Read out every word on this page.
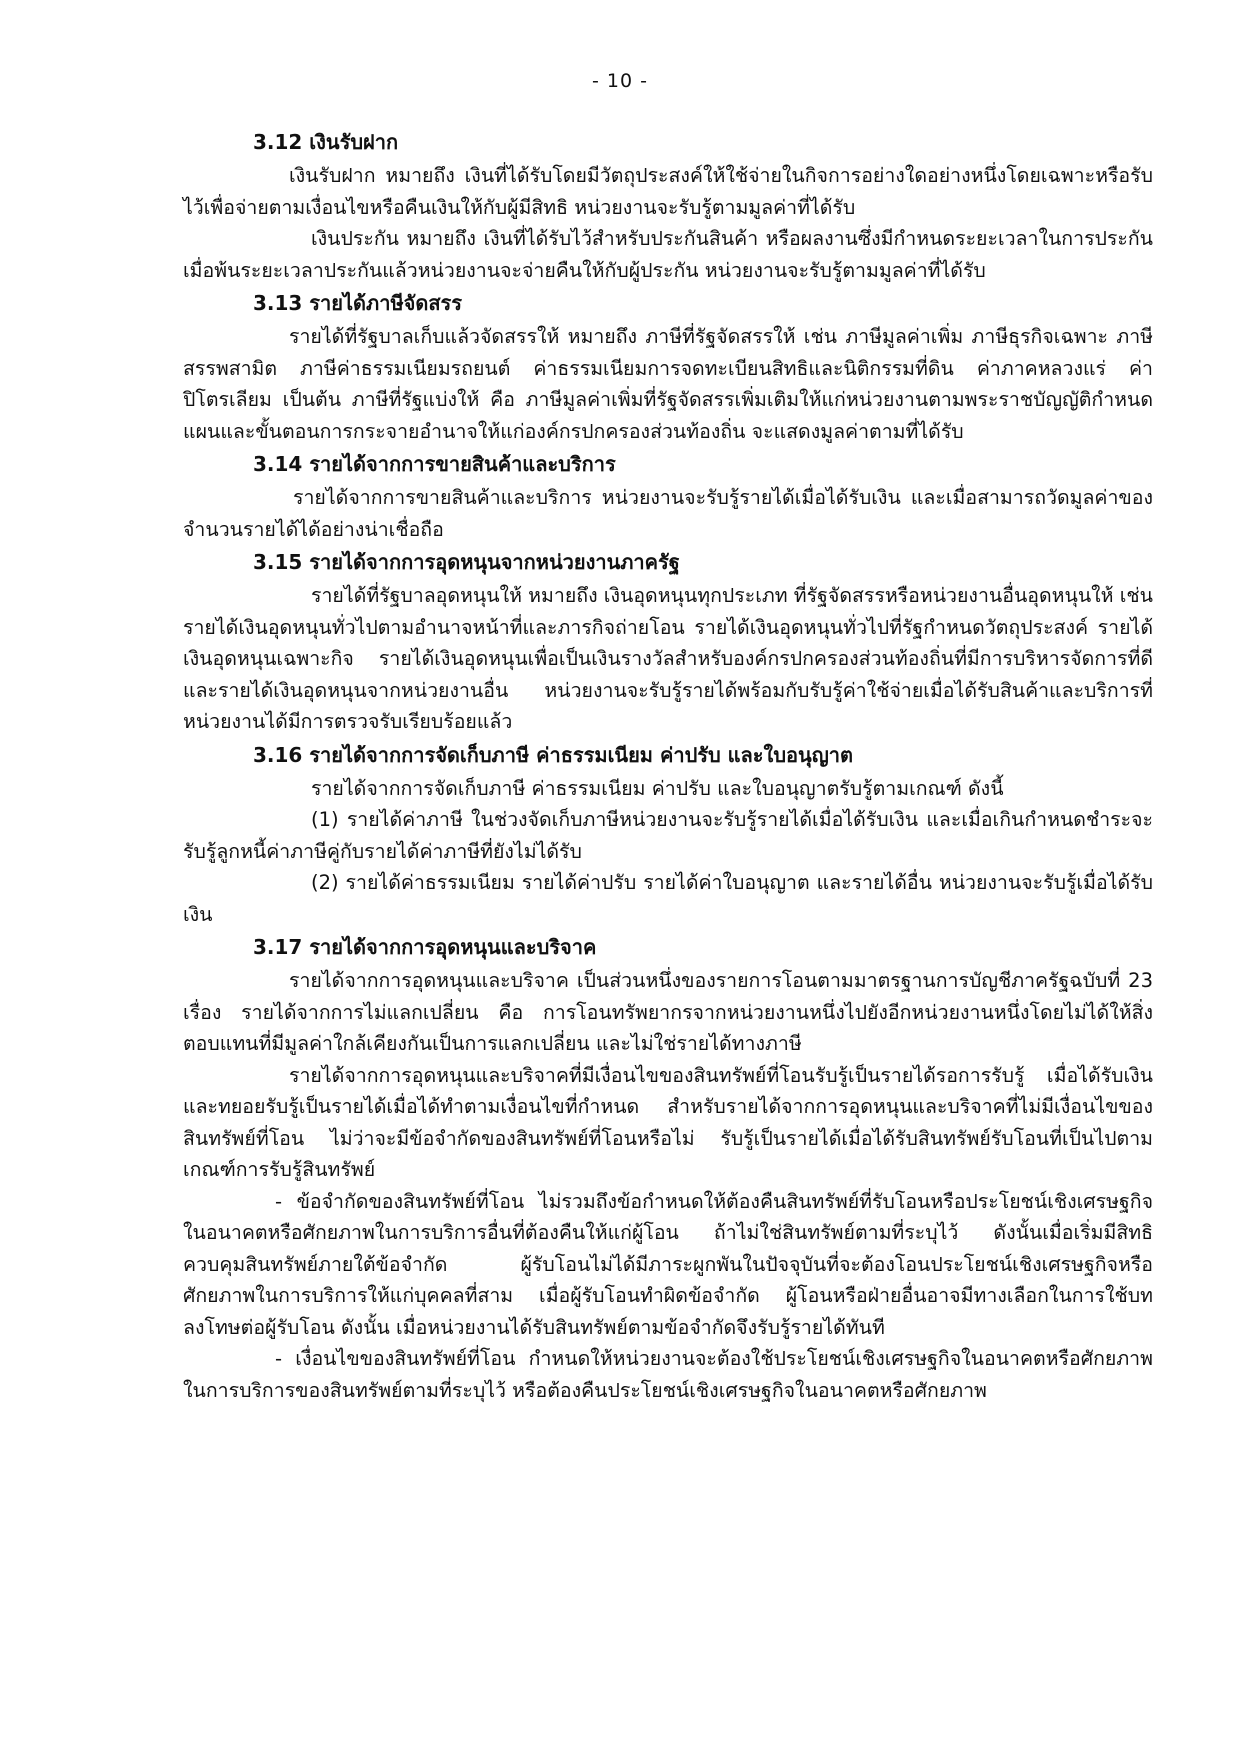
- 10 -
3.12 เงินรับฝาก

เงินรับฝาก หมายถึง เงินที่ได้รับโดยมีวัตถุประสงค์ให้ใช้จ่ายในกิจการอย่างใดอย่างหนึ่งโดยเฉพาะหรือรับไว้เพื่อจ่ายตามเงื่อนไขหรือคืนเงินให้กับผู้มีสิทธิ หน่วยงานจะรับรู้ตามมูลค่าที่ได้รับ

เงินประกัน หมายถึง เงินที่ได้รับไว้สำหรับประกันสินค้า หรือผลงานซึ่งมีกำหนดระยะเวลาในการประกัน เมื่อพ้นระยะเวลาประกันแล้วหน่วยงานจะจ่ายคืนให้กับผู้ประกัน หน่วยงานจะรับรู้ตามมูลค่าที่ได้รับ

3.13 รายได้ภาษีจัดสรร

รายได้ที่รัฐบาลเก็บแล้วจัดสรรให้ หมายถึง ภาษีที่รัฐจัดสรรให้ เช่น ภาษีมูลค่าเพิ่ม ภาษีธุรกิจเฉพาะ ภาษีสรรพสามิต ภาษีค่าธรรมเนียมรถยนต์ ค่าธรรมเนียมการจดทะเบียนสิทธิและนิติกรรมที่ดิน ค่าภาคหลวงแร่ ค่าปิโตรเลียม เป็นต้น ภาษีที่รัฐแบ่งให้ คือ ภาษีมูลค่าเพิ่มที่รัฐจัดสรรเพิ่มเติมให้แก่หน่วยงานตามพระราชบัญญัติกำหนดแผนและขั้นตอนการกระจายอำนาจให้แก่องค์กรปกครองส่วนท้องถิ่น จะแสดงมูลค่าตามที่ได้รับ

3.14 รายได้จากการขายสินค้าและบริการ

รายได้จากการขายสินค้าและบริการ หน่วยงานจะรับรู้รายได้เมื่อได้รับเงิน และเมื่อสามารถวัดมูลค่าของจำนวนรายได้ได้อย่างน่าเชื่อถือ

3.15 รายได้จากการอุดหนุนจากหน่วยงานภาครัฐ

รายได้ที่รัฐบาลอุดหนุนให้ หมายถึง เงินอุดหนุนทุกประเภท ที่รัฐจัดสรรหรือหน่วยงานอื่นอุดหนุนให้ เช่น รายได้เงินอุดหนุนทั่วไปตามอำนาจหน้าที่และภารกิจถ่ายโอน รายได้เงินอุดหนุนทั่วไปที่รัฐกำหนดวัตถุประสงค์ รายได้เงินอุดหนุนเฉพาะกิจ รายได้เงินอุดหนุนเพื่อเป็นเงินรางวัลสำหรับองค์กรปกครองส่วนท้องถิ่นที่มีการบริหารจัดการที่ดี และรายได้เงินอุดหนุนจากหน่วยงานอื่น หน่วยงานจะรับรู้รายได้พร้อมกับรับรู้ค่าใช้จ่ายเมื่อได้รับสินค้าและบริการที่หน่วยงานได้มีการตรวจรับเรียบร้อยแล้ว

3.16 รายได้จากการจัดเก็บภาษี ค่าธรรมเนียม ค่าปรับ และใบอนุญาต

รายได้จากการจัดเก็บภาษี ค่าธรรมเนียม ค่าปรับ และใบอนุญาตรับรู้ตามเกณฑ์ ดังนี้

(1) รายได้ค่าภาษี ในช่วงจัดเก็บภาษีหน่วยงานจะรับรู้รายได้เมื่อได้รับเงิน และเมื่อเกินกำหนดชำระจะรับรู้ลูกหนี้ค่าภาษีคู่กับรายได้ค่าภาษีที่ยังไม่ได้รับ

(2) รายได้ค่าธรรมเนียม รายได้ค่าปรับ รายได้ค่าใบอนุญาต และรายได้อื่น หน่วยงานจะรับรู้เมื่อได้รับเงิน

3.17 รายได้จากการอุดหนุนและบริจาค

รายได้จากการอุดหนุนและบริจาค เป็นส่วนหนึ่งของรายการโอนตามมาตรฐานการบัญชีภาครัฐฉบับที่ 23 เรื่อง รายได้จากการไม่แลกเปลี่ยน คือ การโอนทรัพยากรจากหน่วยงานหนึ่งไปยังอีกหน่วยงานหนึ่งโดยไม่ได้ให้สิ่งตอบแทนที่มีมูลค่าใกล้เคียงกันเป็นการแลกเปลี่ยน และไม่ใช่รายได้ทางภาษี

รายได้จากการอุดหนุนและบริจาคที่มีเงื่อนไขของสินทรัพย์ที่โอนรับรู้เป็นรายได้รอการรับรู้ เมื่อได้รับเงินและทยอยรับรู้เป็นรายได้เมื่อได้ทำตามเงื่อนไขที่กำหนด สำหรับรายได้จากการอุดหนุนและบริจาคที่ไม่มีเงื่อนไขของสินทรัพย์ที่โอน ไม่ว่าจะมีข้อจำกัดของสินทรัพย์ที่โอนหรือไม่ รับรู้เป็นรายได้เมื่อได้รับสินทรัพย์รับโอนที่เป็นไปตามเกณฑ์การรับรู้สินทรัพย์

- ข้อจำกัดของสินทรัพย์ที่โอน ไม่รวมถึงข้อกำหนดให้ต้องคืนสินทรัพย์ที่รับโอนหรือประโยชน์เชิงเศรษฐกิจในอนาคตหรือศักยภาพในการบริการอื่นที่ต้องคืนให้แก่ผู้โอน ถ้าไม่ใช่สินทรัพย์ตามที่ระบุไว้ ดังนั้นเมื่อเริ่มมีสิทธิควบคุมสินทรัพย์ภายใต้ข้อจำกัด ผู้รับโอนไม่ได้มีภาระผูกพันในปัจจุบันที่จะต้องโอนประโยชน์เชิงเศรษฐกิจหรือศักยภาพในการบริการให้แก่บุคคลที่สาม เมื่อผู้รับโอนทำผิดข้อจำกัด ผู้โอนหรือฝ่ายอื่นอาจมีทางเลือกในการใช้บทลงโทษต่อผู้รับโอน ดังนั้น เมื่อหน่วยงานได้รับสินทรัพย์ตามข้อจำกัดจึงรับรู้รายได้ทันที

- เงื่อนไขของสินทรัพย์ที่โอน กำหนดให้หน่วยงานจะต้องใช้ประโยชน์เชิงเศรษฐกิจในอนาคตหรือศักยภาพในการบริการของสินทรัพย์ตามที่ระบุไว้ หรือต้องคืนประโยชน์เชิงเศรษฐกิจในอนาคตหรือศักยภาพ
